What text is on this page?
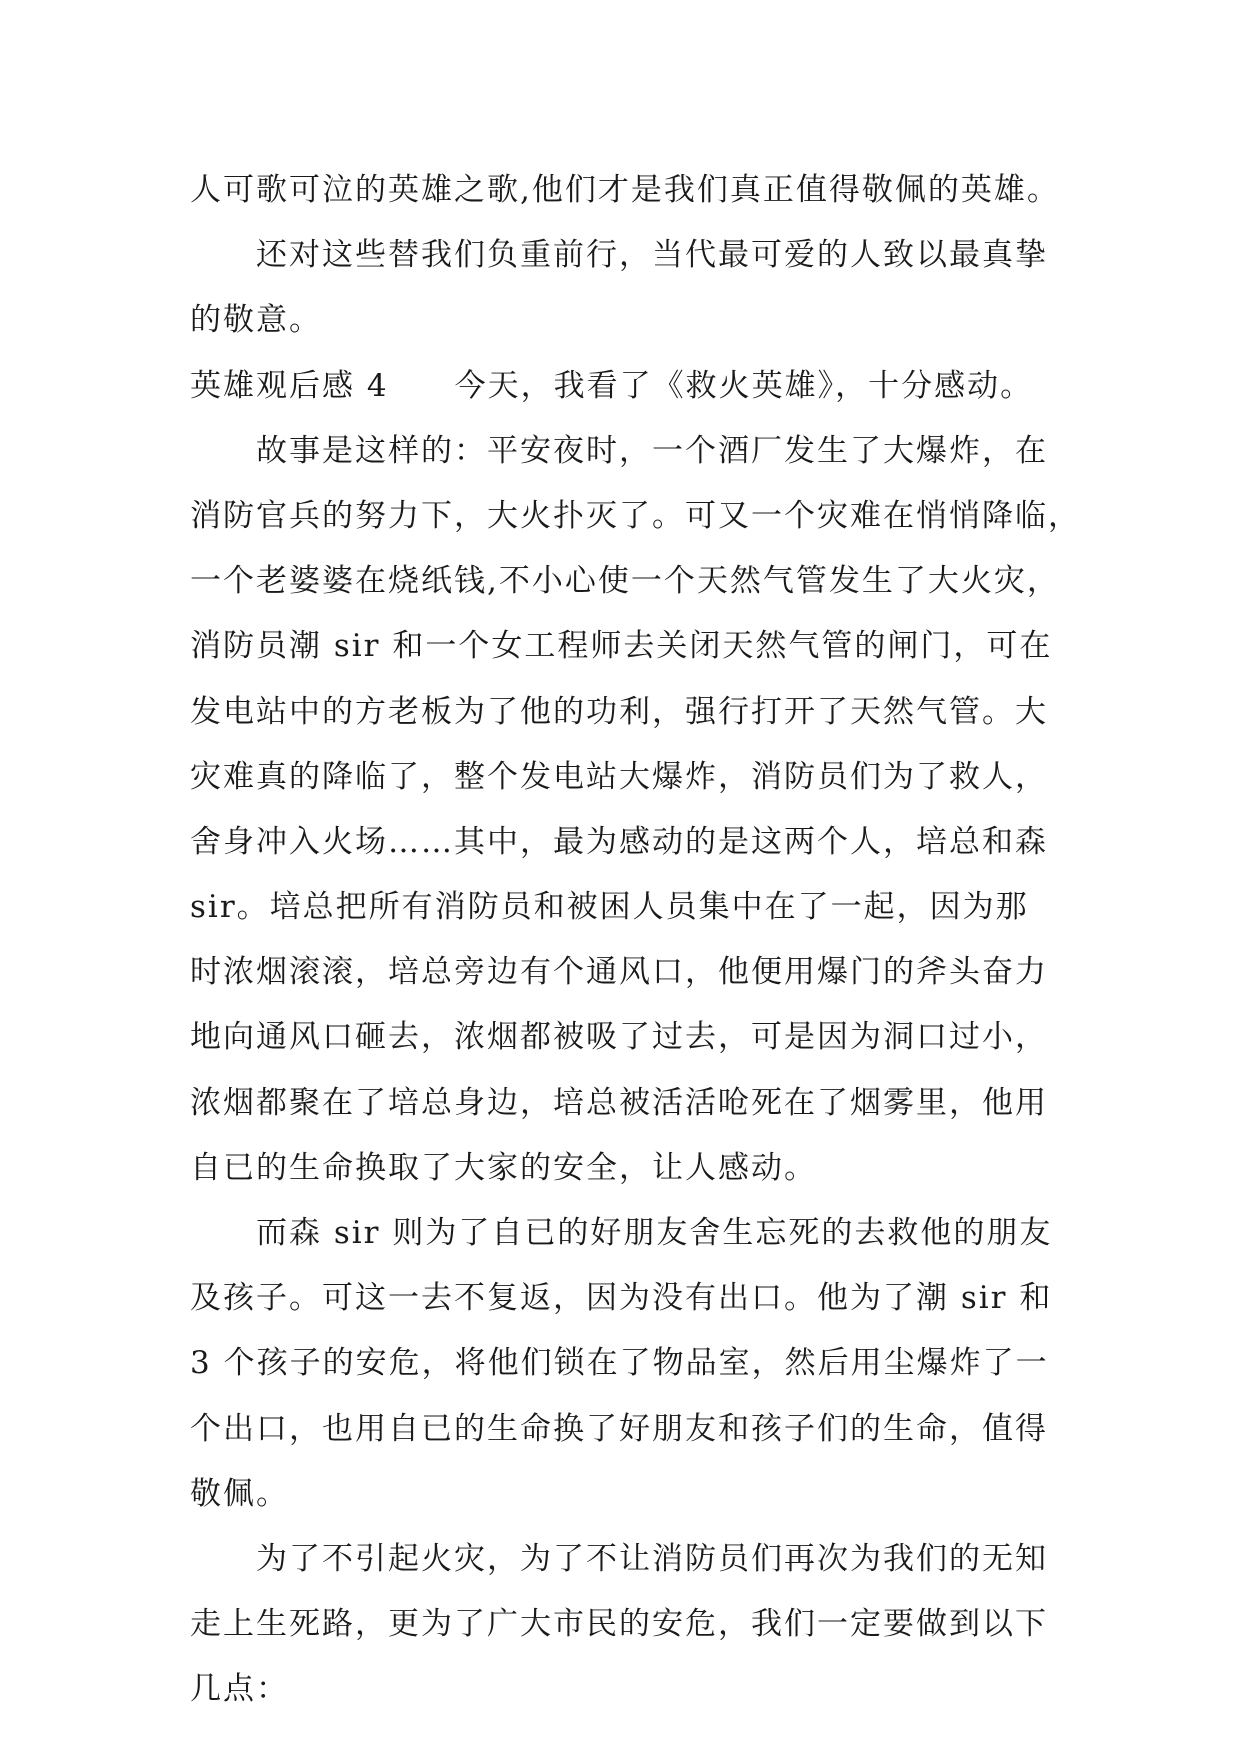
人可歌可泣的英雄之歌,他们才是我们真正值得敬佩的英雄。
还对这些替我们负重前行，当代最可爱的人致以最真挚
的敬意。
英雄观后感 4 今天，我看了《救火英雄》，十分感动。
故事是这样的：平安夜时，一个酒厂发生了大爆炸，在
消防官兵的努力下，大火扑灭了。可又一个灾难在悄悄降临，
一个老婆婆在烧纸钱,不小心使一个天然气管发生了大火灾，
消防员潮 sir 和一个女工程师去关闭天然气管的闸门，可在
发电站中的方老板为了他的功利，强行打开了天然气管。大
灾难真的降临了，整个发电站大爆炸，消防员们为了救人，
舍身冲入火场……其中，最为感动的是这两个人，培总和森
sir。培总把所有消防员和被困人员集中在了一起，因为那
时浓烟滚滚，培总旁边有个通风口，他便用爆门的斧头奋力
地向通风口砸去，浓烟都被吸了过去，可是因为洞口过小，
浓烟都聚在了培总身边，培总被活活呛死在了烟雾里，他用
自已的生命换取了大家的安全，让人感动。
而森 sir 则为了自已的好朋友舍生忘死的去救他的朋友
及孩子。可这一去不复返，因为没有出口。他为了潮 sir 和
3 个孩子的安危，将他们锁在了物品室，然后用尘爆炸了一
个出口，也用自已的生命换了好朋友和孩子们的生命，值得
敬佩。
为了不引起火灾，为了不让消防员们再次为我们的无知
走上生死路，更为了广大市民的安危，我们一定要做到以下
几点：
